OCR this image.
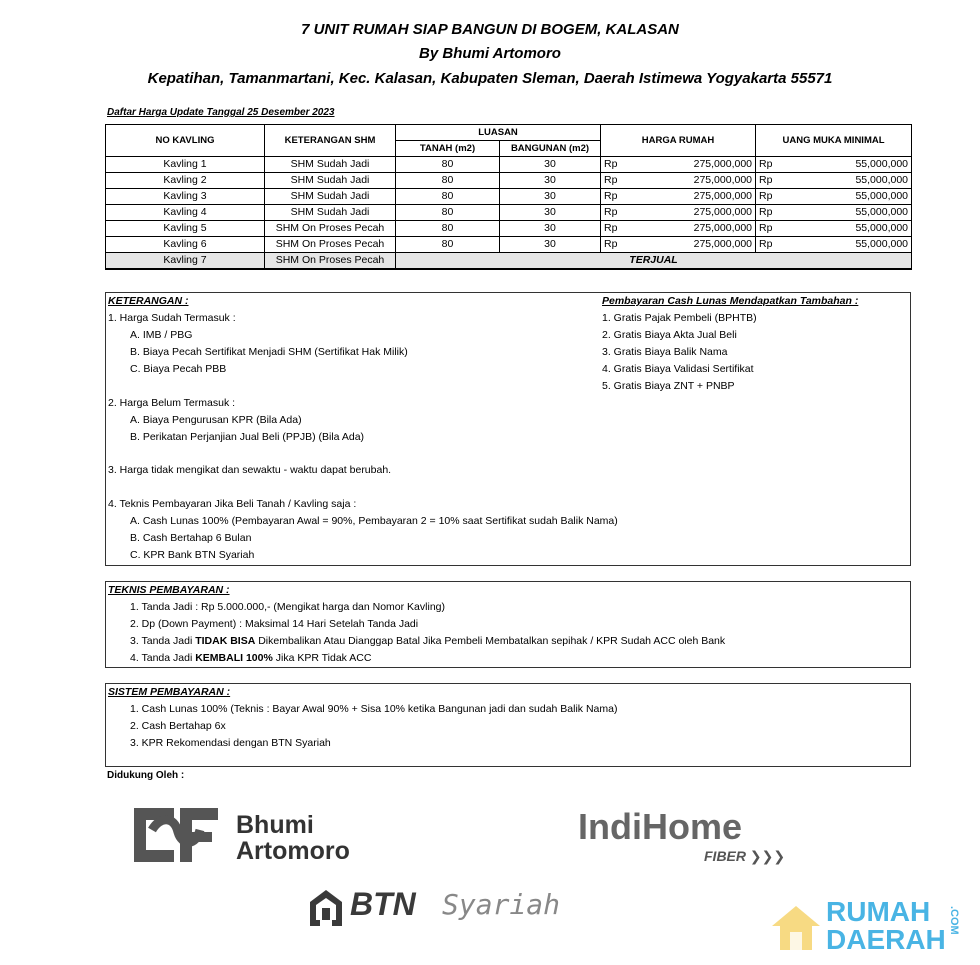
7 UNIT RUMAH SIAP BANGUN DI BOGEM, KALASAN
By Bhumi Artomoro
Kepatihan, Tamanmartani, Kec. Kalasan, Kabupaten Sleman, Daerah Istimewa Yogyakarta 55571
Daftar Harga Update Tanggal 25 Desember 2023
NO KAVLING	KETERANGAN SHM	LUASAN		HARGA RUMAH		UANG MUKA MINIMAL	
		TANAH (m2)	BANGUNAN (m2)				
Kavling 1	SHM Sudah Jadi	80	30	Rp	275,000,000	Rp	55,000,000
Kavling 2	SHM Sudah Jadi	80	30	Rp	275,000,000	Rp	55,000,000
Kavling 3	SHM Sudah Jadi	80	30	Rp	275,000,000	Rp	55,000,000
Kavling 4	SHM Sudah Jadi	80	30	Rp	275,000,000	Rp	55,000,000
Kavling 5	SHM On Proses Pecah	80	30	Rp	275,000,000	Rp	55,000,000
Kavling 6	SHM On Proses Pecah	80	30	Rp	275,000,000	Rp	55,000,000
Kavling 7	SHM On Proses Pecah	TERJUAL					
KETERANGAN :
1. Harga Sudah Termasuk :
A. IMB / PBG
B. Biaya Pecah Sertifikat Menjadi SHM (Sertifikat Hak Milik)
C. Biaya Pecah PBB
2. Harga Belum Termasuk :
A. Biaya Pengurusan KPR (Bila Ada)
B. Perikatan Perjanjian Jual Beli (PPJB) (Bila Ada)
3. Harga tidak mengikat dan sewaktu - waktu dapat berubah.
4. Teknis Pembayaran Jika Beli Tanah / Kavling saja :
A. Cash Lunas 100% (Pembayaran Awal = 90%, Pembayaran 2 = 10% saat Sertifikat sudah Balik Nama)
B. Cash Bertahap 6 Bulan
C. KPR Bank BTN Syariah
Pembayaran Cash Lunas Mendapatkan Tambahan :
1. Gratis Pajak Pembeli (BPHTB)
2. Gratis Biaya Akta Jual Beli
3. Gratis Biaya Balik Nama
4. Gratis Biaya Validasi Sertifikat
5. Gratis Biaya ZNT + PNBP
TEKNIS PEMBAYARAN :
1. Tanda Jadi : Rp 5.000.000,- (Mengikat harga dan Nomor Kavling)
2. Dp (Down Payment) : Maksimal 14 Hari Setelah Tanda Jadi
3. Tanda Jadi TIDAK BISA Dikembalikan Atau Dianggap Batal Jika Pembeli Membatalkan sepihak / KPR Sudah ACC oleh Bank
4. Tanda Jadi KEMBALI 100% Jika KPR Tidak ACC
SISTEM PEMBAYARAN :
1. Cash Lunas 100% (Teknis : Bayar Awal 90% + Sisa 10% ketika Bangunan jadi dan sudah Balik Nama)
2. Cash Bertahap 6x
3. KPR Rekomendasi dengan BTN Syariah
Didukung Oleh :
Bhumi
Artomoro
IndiHome
FIBER ❯❯❯
BTN Syariah	RUMAH
DAERAH
.COM
